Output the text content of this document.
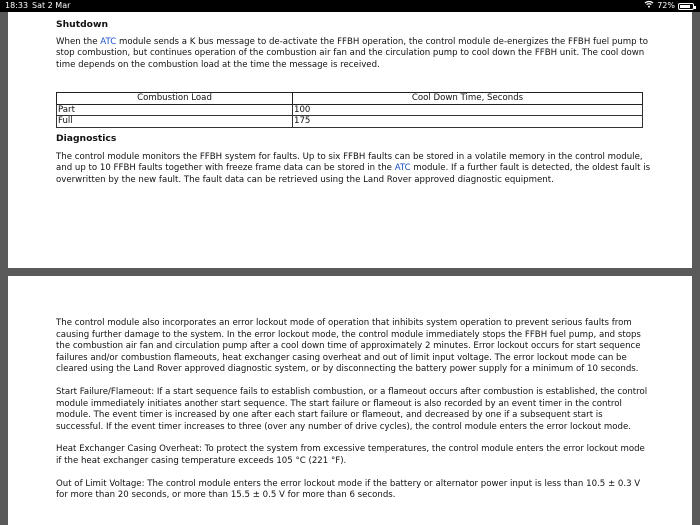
18:33 Sat 2 Mar	72%
Shutdown

When the ATC module sends a K bus message to de-activate the FFBH operation, the control module de-energizes the FFBH fuel pump to stop combustion, but continues operation of the combustion air fan and the circulation pump to cool down the FFBH unit. The cool down time depends on the combustion load at the time the message is received.

Combustion Load	Cool Down Time, Seconds
Part	100
Full	175
Diagnostics

The control module monitors the FFBH system for faults. Up to six FFBH faults can be stored in a volatile memory in the control module, and up to 10 FFBH faults together with freeze frame data can be stored in the ATC module. If a further fault is detected, the oldest fault is overwritten by the new fault. The fault data can be retrieved using the Land Rover approved diagnostic equipment.

The control module also incorporates an error lockout mode of operation that inhibits system operation to prevent serious faults from causing further damage to the system. In the error lockout mode, the control module immediately stops the FFBH fuel pump, and stops the combustion air fan and circulation pump after a cool down time of approximately 2 minutes. Error lockout occurs for start sequence failures and/or combustion flameouts, heat exchanger casing overheat and out of limit input voltage. The error lockout mode can be cleared using the Land Rover approved diagnostic system, or by disconnecting the battery power supply for a minimum of 10 seconds.

Start Failure/Flameout: If a start sequence fails to establish combustion, or a flameout occurs after combustion is established, the control module immediately initiates another start sequence. The start failure or flameout is also recorded by an event timer in the control module. The event timer is increased by one after each start failure or flameout, and decreased by one if a subsequent start is successful. If the event timer increases to three (over any number of drive cycles), the control module enters the error lockout mode.

Heat Exchanger Casing Overheat: To protect the system from excessive temperatures, the control module enters the error lockout mode if the heat exchanger casing temperature exceeds 105 °C (221 °F).

Out of Limit Voltage: The control module enters the error lockout mode if the battery or alternator power input is less than 10.5 ± 0.3 V for more than 20 seconds, or more than 15.5 ± 0.5 V for more than 6 seconds.
